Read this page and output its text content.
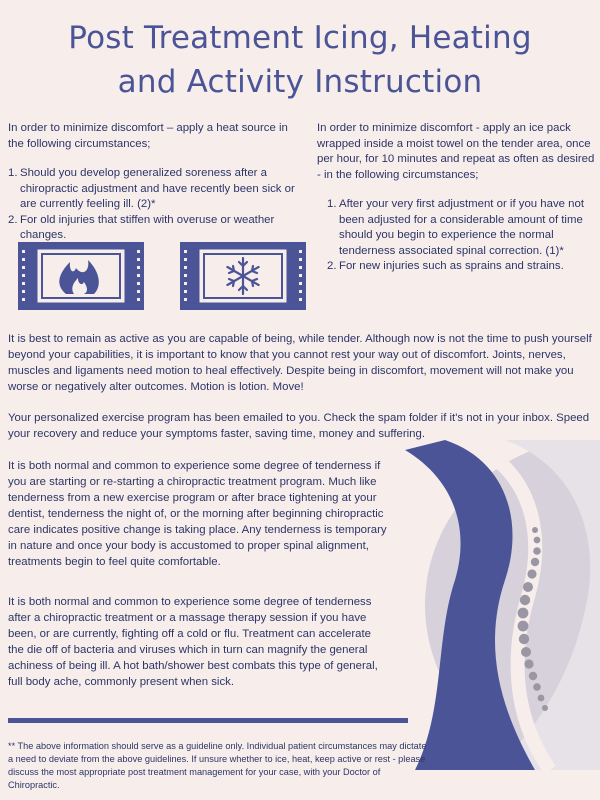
Post Treatment Icing, Heating
and Activity Instruction

In order to minimize discomfort – apply a heat source in the following circumstances;

1. Should you develop generalized soreness after a chiropractic adjustment and have recently been sick or are currently feeling ill. (2)*
2. For old injuries that stiffen with overuse or weather changes.

In order to minimize discomfort - apply an ice pack wrapped inside a moist towel on the tender area, once per hour, for 10 minutes and repeat as often as desired - in the following circumstances;

1. After your very first adjustment or if you have not been adjusted for a considerable amount of time should you begin to experience the normal tenderness associated spinal correction. (1)*
2. For new injuries such as sprains and strains.

It is best to remain as active as you are capable of being, while tender. Although now is not the time to push yourself beyond your capabilities, it is important to know that you cannot rest your way out of discomfort. Joints, nerves, muscles and ligaments need motion to heal effectively. Despite being in discomfort, movement will not make you worse or negatively alter outcomes. Motion is lotion. Move!

Your personalized exercise program has been emailed to you. Check the spam folder if it's not in your inbox. Speed your recovery and reduce your symptoms faster, saving time, money and suffering.

It is both normal and common to experience some degree of tenderness if you are starting or re-starting a chiropractic treatment program. Much like tenderness from a new exercise program or after brace tightening at your dentist, tenderness the night of, or the morning after beginning chiropractic care indicates positive change is taking place. Any tenderness is temporary in nature and once your body is accustomed to proper spinal alignment, treatments begin to feel quite comfortable.

It is both normal and common to experience some degree of tenderness after a chiropractic treatment or a massage therapy session if you have been, or are currently, fighting off a cold or flu. Treatment can accelerate the die off of bacteria and viruses which in turn can magnify the general achiness of being ill. A hot bath/shower best combats this type of general, full body ache, commonly present when sick.

** The above information should serve as a guideline only. Individual patient circumstances may dictate a need to deviate from the above guidelines. If unsure whether to ice, heat, keep active or rest - please discuss the most appropriate post treatment management for your case, with your Doctor of Chiropractic.
